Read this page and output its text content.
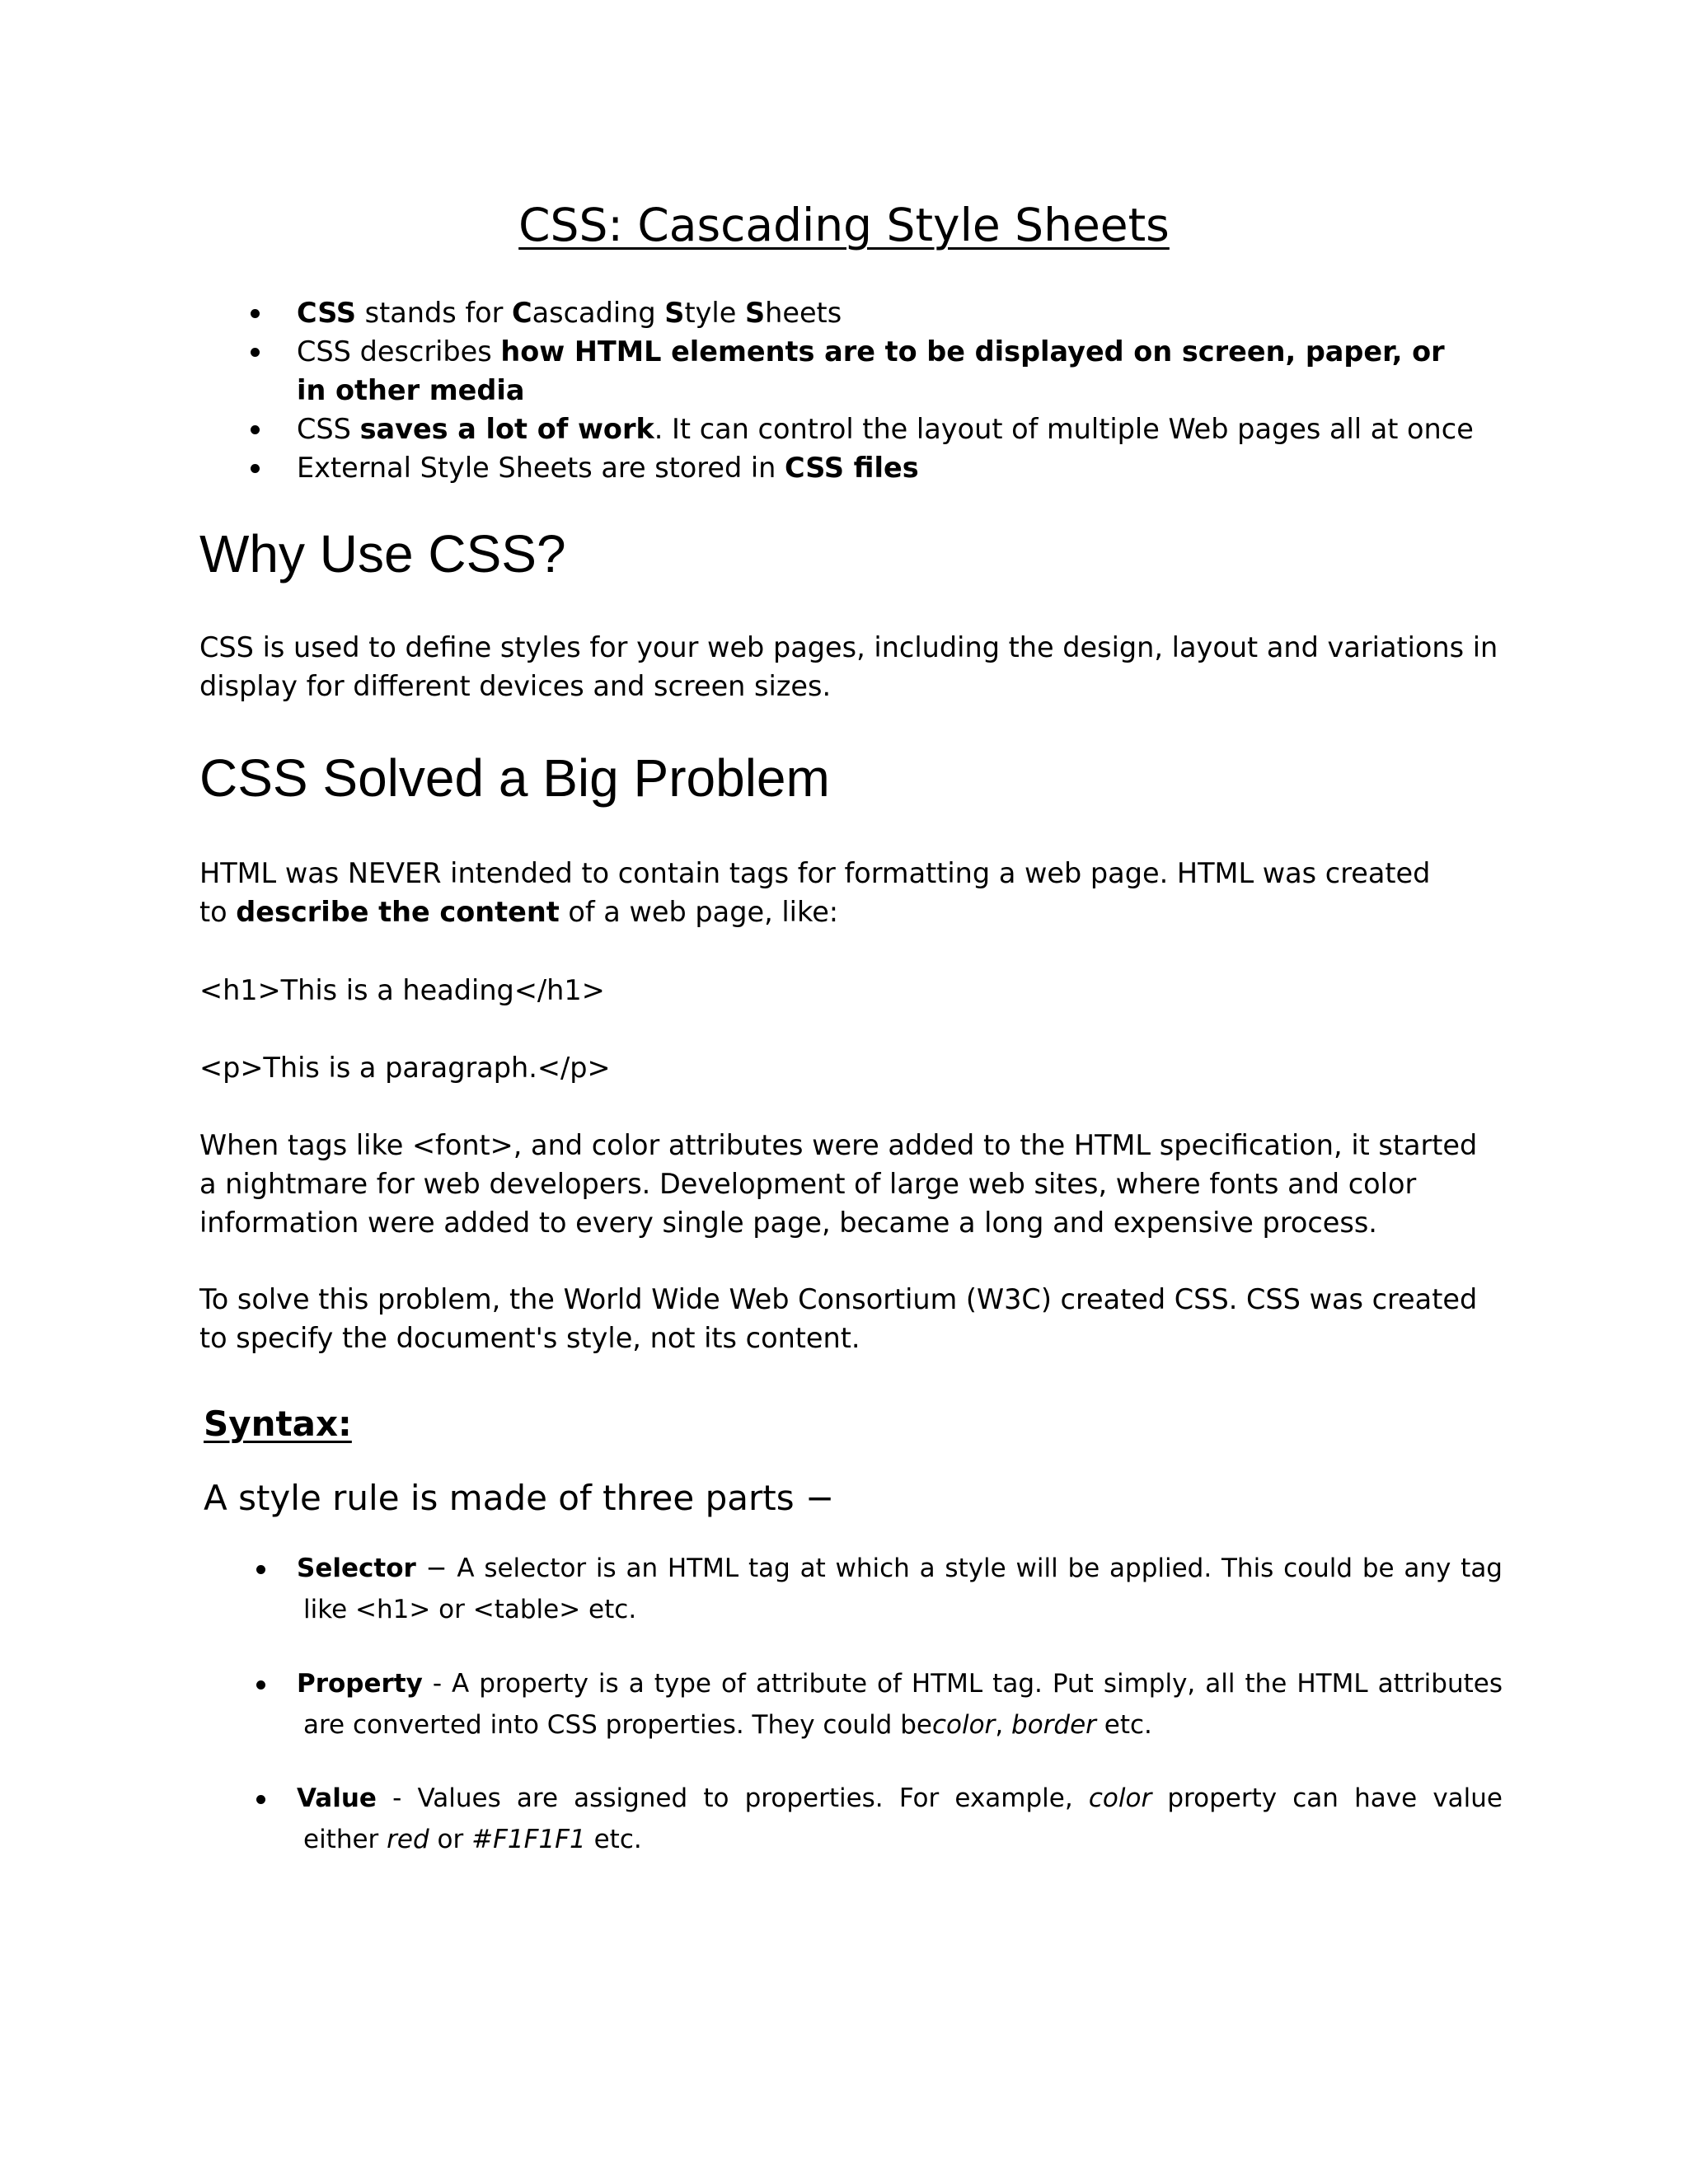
CSS: Cascading Style Sheets
CSS stands for Cascading Style Sheets
CSS describes how HTML elements are to be displayed on screen, paper, or in other media
CSS saves a lot of work. It can control the layout of multiple Web pages all at once
External Style Sheets are stored in CSS files
Why Use CSS?

CSS is used to define styles for your web pages, including the design, layout and variations in display for different devices and screen sizes.

CSS Solved a Big Problem

HTML was NEVER intended to contain tags for formatting a web page. HTML was created
to describe the content of a web page, like:

<h1>This is a heading</h1>

<p>This is a paragraph.</p>

When tags like <font>, and color attributes were added to the HTML specification, it started a nightmare for web developers. Development of large web sites, where fonts and color information were added to every single page, became a long and expensive process.

To solve this problem, the World Wide Web Consortium (W3C) created CSS. CSS was created to specify the document's style, not its content.

Syntax:

A style rule is made of three parts −

Selector − A selector is an HTML tag at which a style will be applied. This could be any tag
like <h1> or <table> etc.
Property - A property is a type of attribute of HTML tag. Put simply, all the HTML attributes
are converted into CSS properties. They could becolor, border etc.
Value - Values are assigned to properties. For example, color property can have value
either red or #F1F1F1 etc.
